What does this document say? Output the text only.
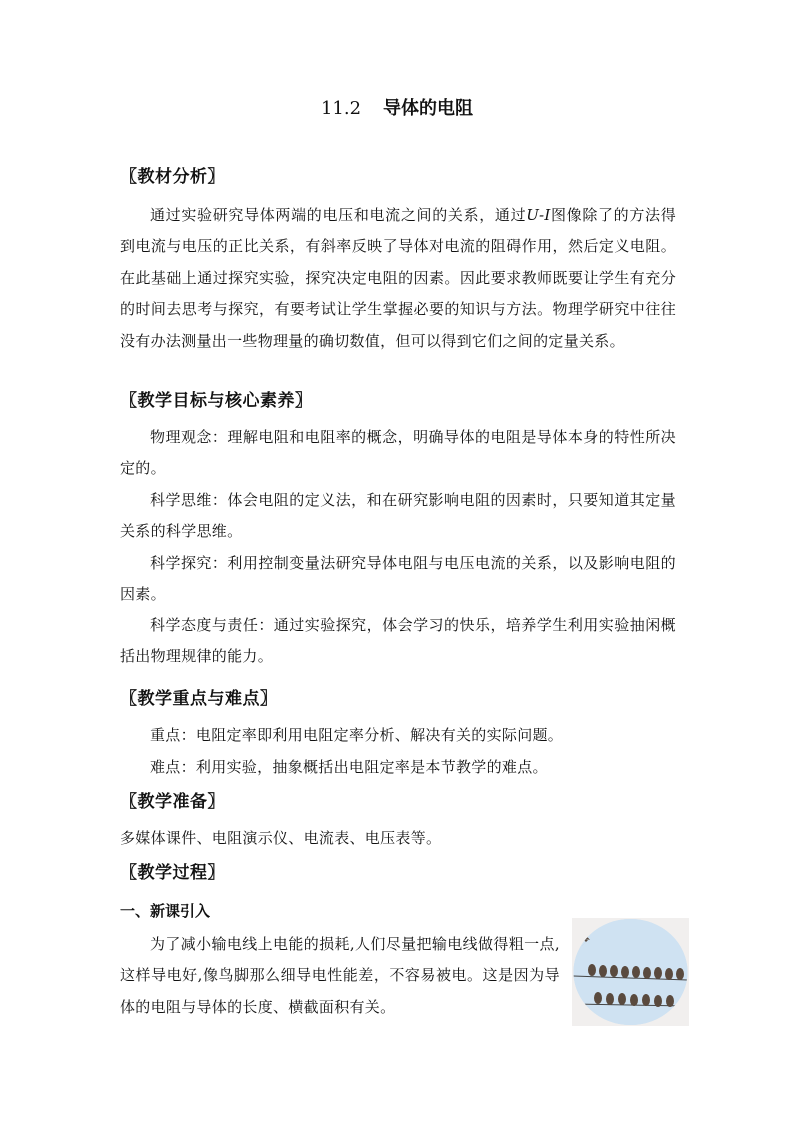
11.2 导体的电阻
〖教材分析〗
通过实验研究导体两端的电压和电流之间的关系，通过U-I图像除了的方法得到电流与电压的正比关系，有斜率反映了导体对电流的阻碍作用，然后定义电阻。在此基础上通过探究实验，探究决定电阻的因素。因此要求教师既要让学生有充分的时间去思考与探究，有要考试让学生掌握必要的知识与方法。物理学研究中往往没有办法测量出一些物理量的确切数值，但可以得到它们之间的定量关系。
〖教学目标与核心素养〗
物理观念：理解电阻和电阻率的概念，明确导体的电阻是导体本身的特性所决定的。
科学思维：体会电阻的定义法，和在研究影响电阻的因素时，只要知道其定量关系的科学思维。
科学探究：利用控制变量法研究导体电阻与电压电流的关系，以及影响电阻的因素。
科学态度与责任：通过实验探究，体会学习的快乐，培养学生利用实验抽闲概括出物理规律的能力。
〖教学重点与难点〗
重点：电阻定率即利用电阻定率分析、解决有关的实际问题。
难点：利用实验，抽象概括出电阻定率是本节教学的难点。
〖教学准备〗
多媒体课件、电阻演示仪、电流表、电压表等。
〖教学过程〗
一、新课引入
为了减小输电线上电能的损耗,人们尽量把输电线做得粗一点,这样导电好,像鸟脚那么细导电性能差，不容易被电。这是因为导体的电阻与导体的长度、横截面积有关。
